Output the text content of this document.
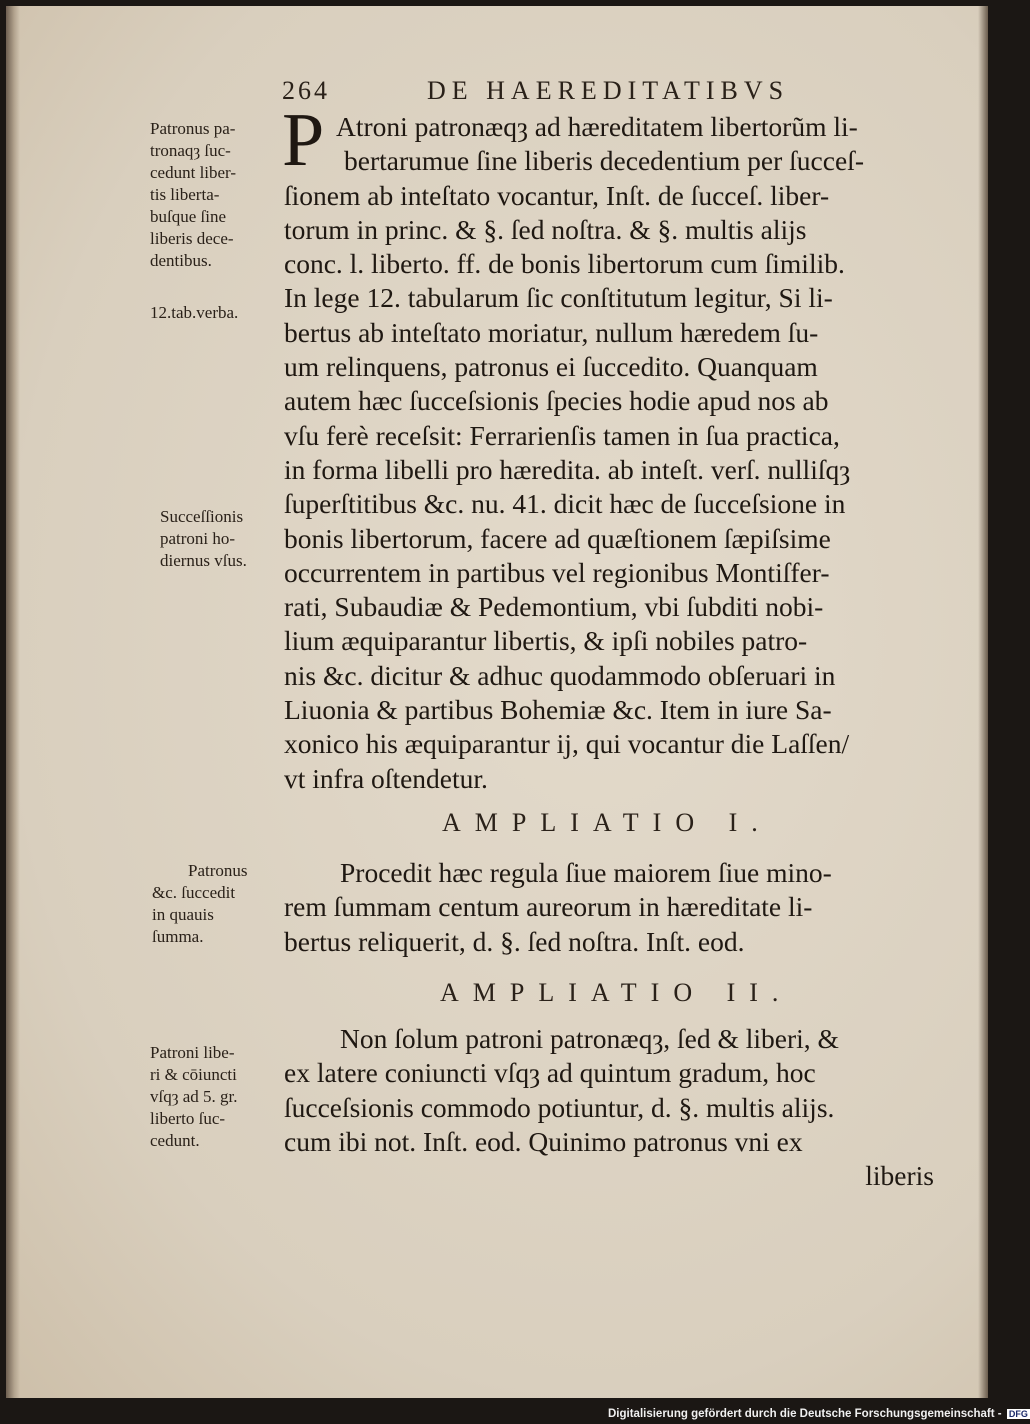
264	DE HAEREDITATIBVS
Patronus pa-
tronaqȝ ſuc-
cedunt liber-
tis liberta-
buſque ſine
liberis dece-
dentibus.
12.tab.verba.
Succeſſionis
patroni ho-
diernus vſus.
Patronus
&c. ſuccedit
in quauis
ſumma.
Patroni libe-
ri & cōiuncti
vſqȝ ad 5. gr.
liberto ſuc-
cedunt.
P Atroni patronæqȝ ad hæreditatem libertorũm li-
bertarumue ſine liberis decedentium per ſucceſ-
ſionem ab inteſtato vocantur, Inſt. de ſucceſ. liber-
torum in princ. & §. ſed noſtra. & §. multis alijs
conc. l. liberto. ff. de bonis libertorum cum ſimilib.
In lege 12. tabularum ſic conſtitutum legitur, Si li-
bertus ab inteſtato moriatur, nullum hæredem ſu-
um relinquens, patronus ei ſuccedito. Quanquam
autem hæc ſucceſsionis ſpecies hodie apud nos ab
vſu ferè receſsit: Ferrarienſis tamen in ſua practica,
in forma libelli pro hæredita. ab inteſt. verſ. nulliſqȝ
ſuperſtitibus &c. nu. 41. dicit hæc de ſucceſsione in
bonis libertorum, facere ad quæſtionem ſæpiſsime
occurrentem in partibus vel regionibus Montiſfer-
rati, Subaudiæ & Pedemontium, vbi ſubditi nobi-
lium æquiparantur libertis, & ipſi nobiles patro-
nis &c. dicitur & adhuc quodammodo obſeruari in
Liuonia & partibus Bohemiæ &c. Item in iure Sa-
xonico his æquiparantur ij, qui vocantur die Laſſen/
vt infra oſtendetur.
AMPLIATIO I.
Procedit hæc regula ſiue maiorem ſiue mino-
rem ſummam centum aureorum in hæreditate li-
bertus reliquerit, d. §. ſed noſtra. Inſt. eod.
AMPLIATIO II.
Non ſolum patroni patronæqȝ, ſed & liberi, &
ex latere coniuncti vſqȝ ad quintum gradum, hoc
ſucceſsionis commodo potiuntur, d. §. multis alijs.
cum ibi not. Inſt. eod. Quinimo patronus vni ex
liberis
Digitalisierung gefördert durch die Deutsche Forschungsgemeinschaft - DFG
